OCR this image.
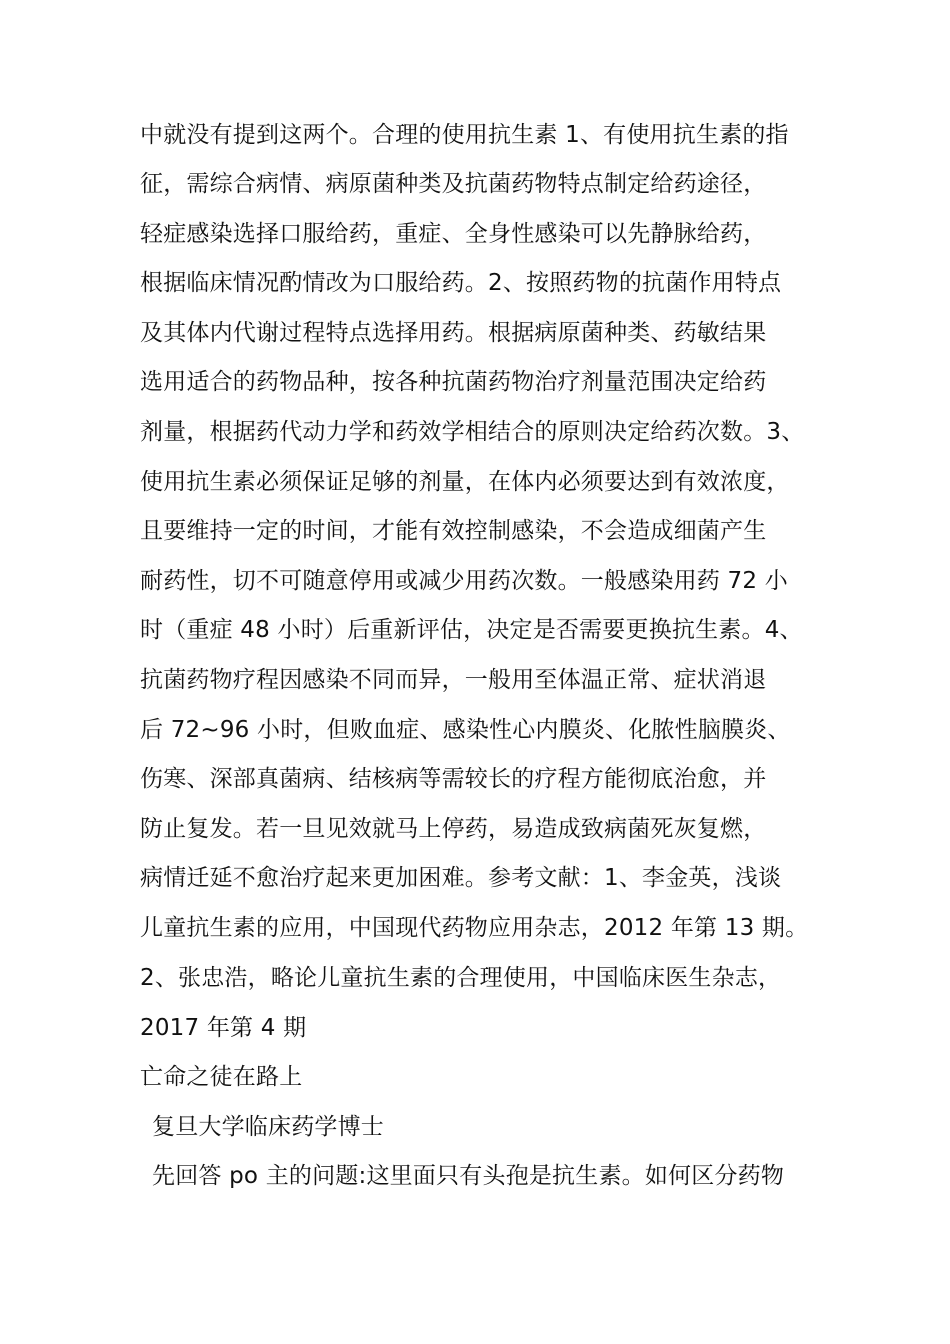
中就没有提到这两个。合理的使用抗生素 1、有使用抗生素的指
征，需综合病情、病原菌种类及抗菌药物特点制定给药途径，
轻症感染选择口服给药，重症、全身性感染可以先静脉给药，
根据临床情况酌情改为口服给药。2、按照药物的抗菌作用特点
及其体内代谢过程特点选择用药。根据病原菌种类、药敏结果
选用适合的药物品种，按各种抗菌药物治疗剂量范围决定给药
剂量，根据药代动力学和药效学相结合的原则决定给药次数。3、
使用抗生素必须保证足够的剂量，在体内必须要达到有效浓度，
且要维持一定的时间，才能有效控制感染，不会造成细菌产生
耐药性，切不可随意停用或减少用药次数。一般感染用药 72 小
时（重症 48 小时）后重新评估，决定是否需要更换抗生素。4、
抗菌药物疗程因感染不同而异，一般用至体温正常、症状消退
后 72~96 小时，但败血症、感染性心内膜炎、化脓性脑膜炎、
伤寒、深部真菌病、结核病等需较长的疗程方能彻底治愈，并
防止复发。若一旦见效就马上停药，易造成致病菌死灰复燃，
病情迁延不愈治疗起来更加困难。参考文献：1、李金英，浅谈
儿童抗生素的应用，中国现代药物应用杂志，2012 年第 13 期。
2、张忠浩，略论儿童抗生素的合理使用，中国临床医生杂志，
2017 年第 4 期
亡命之徒在路上
复旦大学临床药学博士
先回答 po 主的问题:这里面只有头孢是抗生素。如何区分药物
